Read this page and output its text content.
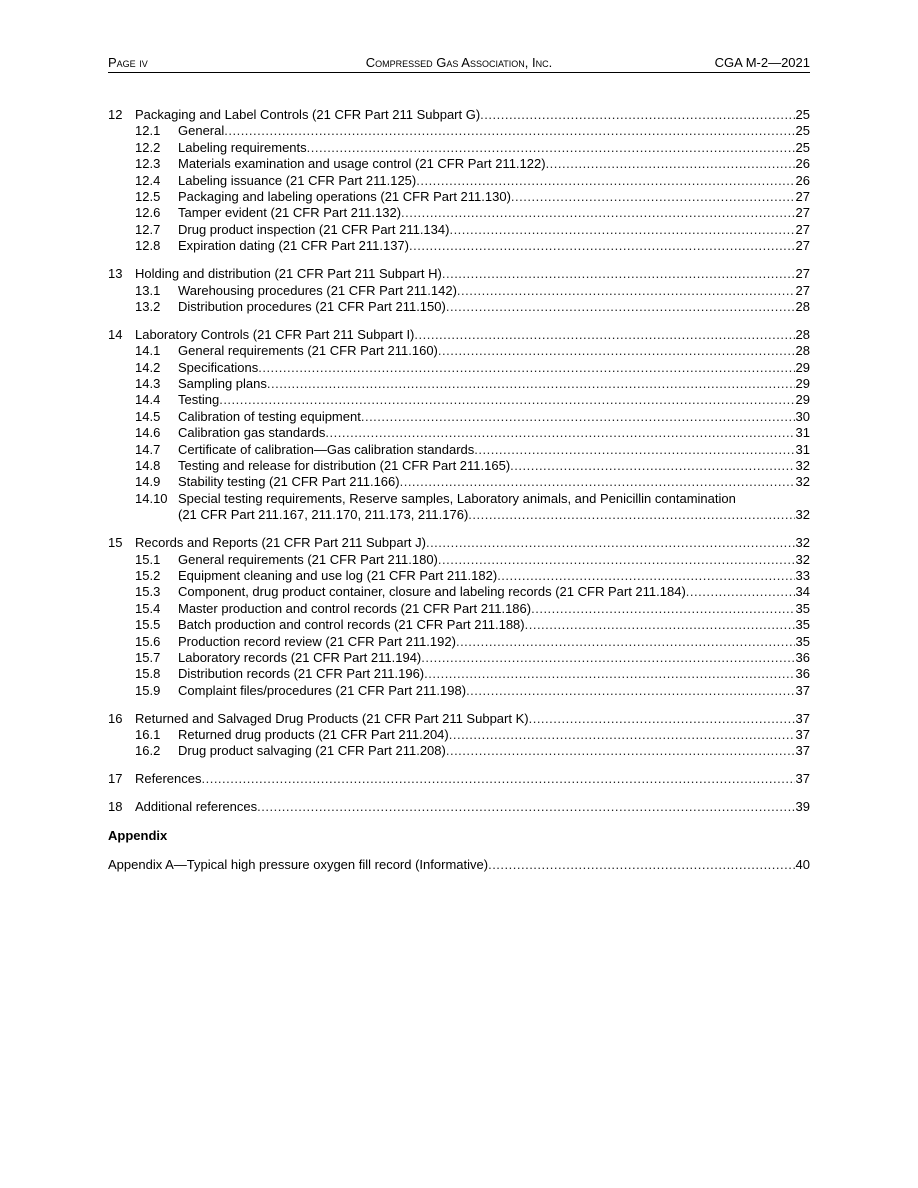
Page iv	Compressed Gas Association, Inc.	CGA M-2—2021
12 Packaging and Label Controls (21 CFR Part 211 Subpart G) .....	25
12.1 General .....	25
12.2 Labeling requirements .....	25
12.3 Materials examination and usage control (21 CFR Part 211.122) .....	26
12.4 Labeling issuance (21 CFR Part 211.125) .....	26
12.5 Packaging and labeling operations (21 CFR Part 211.130) .....	27
12.6 Tamper evident (21 CFR Part 211.132) .....	27
12.7 Drug product inspection (21 CFR Part 211.134) .....	27
12.8 Expiration dating (21 CFR Part 211.137) .....	27
13 Holding and distribution (21 CFR Part 211 Subpart H) .....	27
13.1 Warehousing procedures (21 CFR Part 211.142) .....	27
13.2 Distribution procedures (21 CFR Part 211.150) .....	28
14 Laboratory Controls (21 CFR Part 211 Subpart I) .....	28
14.1 General requirements (21 CFR Part 211.160) .....	28
14.2 Specifications .....	29
14.3 Sampling plans .....	29
14.4 Testing .....	29
14.5 Calibration of testing equipment .....	30
14.6 Calibration gas standards .....	31
14.7 Certificate of calibration—Gas calibration standards .....	31
14.8 Testing and release for distribution (21 CFR Part 211.165) .....	32
14.9 Stability testing (21 CFR Part 211.166) .....	32
14.10 Special testing requirements, Reserve samples, Laboratory animals, and Penicillin contamination
(21 CFR Part 211.167, 211.170, 211.173, 211.176) .....	32
15 Records and Reports (21 CFR Part 211 Subpart J) .....	32
15.1 General requirements (21 CFR Part 211.180) .....	32
15.2 Equipment cleaning and use log (21 CFR Part 211.182) .....	33
15.3 Component, drug product container, closure and labeling records (21 CFR Part 211.184) .....	34
15.4 Master production and control records (21 CFR Part 211.186) .....	35
15.5 Batch production and control records (21 CFR Part 211.188) .....	35
15.6 Production record review (21 CFR Part 211.192) .....	35
15.7 Laboratory records (21 CFR Part 211.194) .....	36
15.8 Distribution records (21 CFR Part 211.196) .....	36
15.9 Complaint files/procedures (21 CFR Part 211.198) .....	37
16 Returned and Salvaged Drug Products (21 CFR Part 211 Subpart K) .....	37
16.1 Returned drug products (21 CFR Part 211.204) .....	37
16.2 Drug product salvaging (21 CFR Part 211.208) .....	37
17 References .....	37
18 Additional references .....	39
Appendix
Appendix A—Typical high pressure oxygen fill record (Informative) .....	40
